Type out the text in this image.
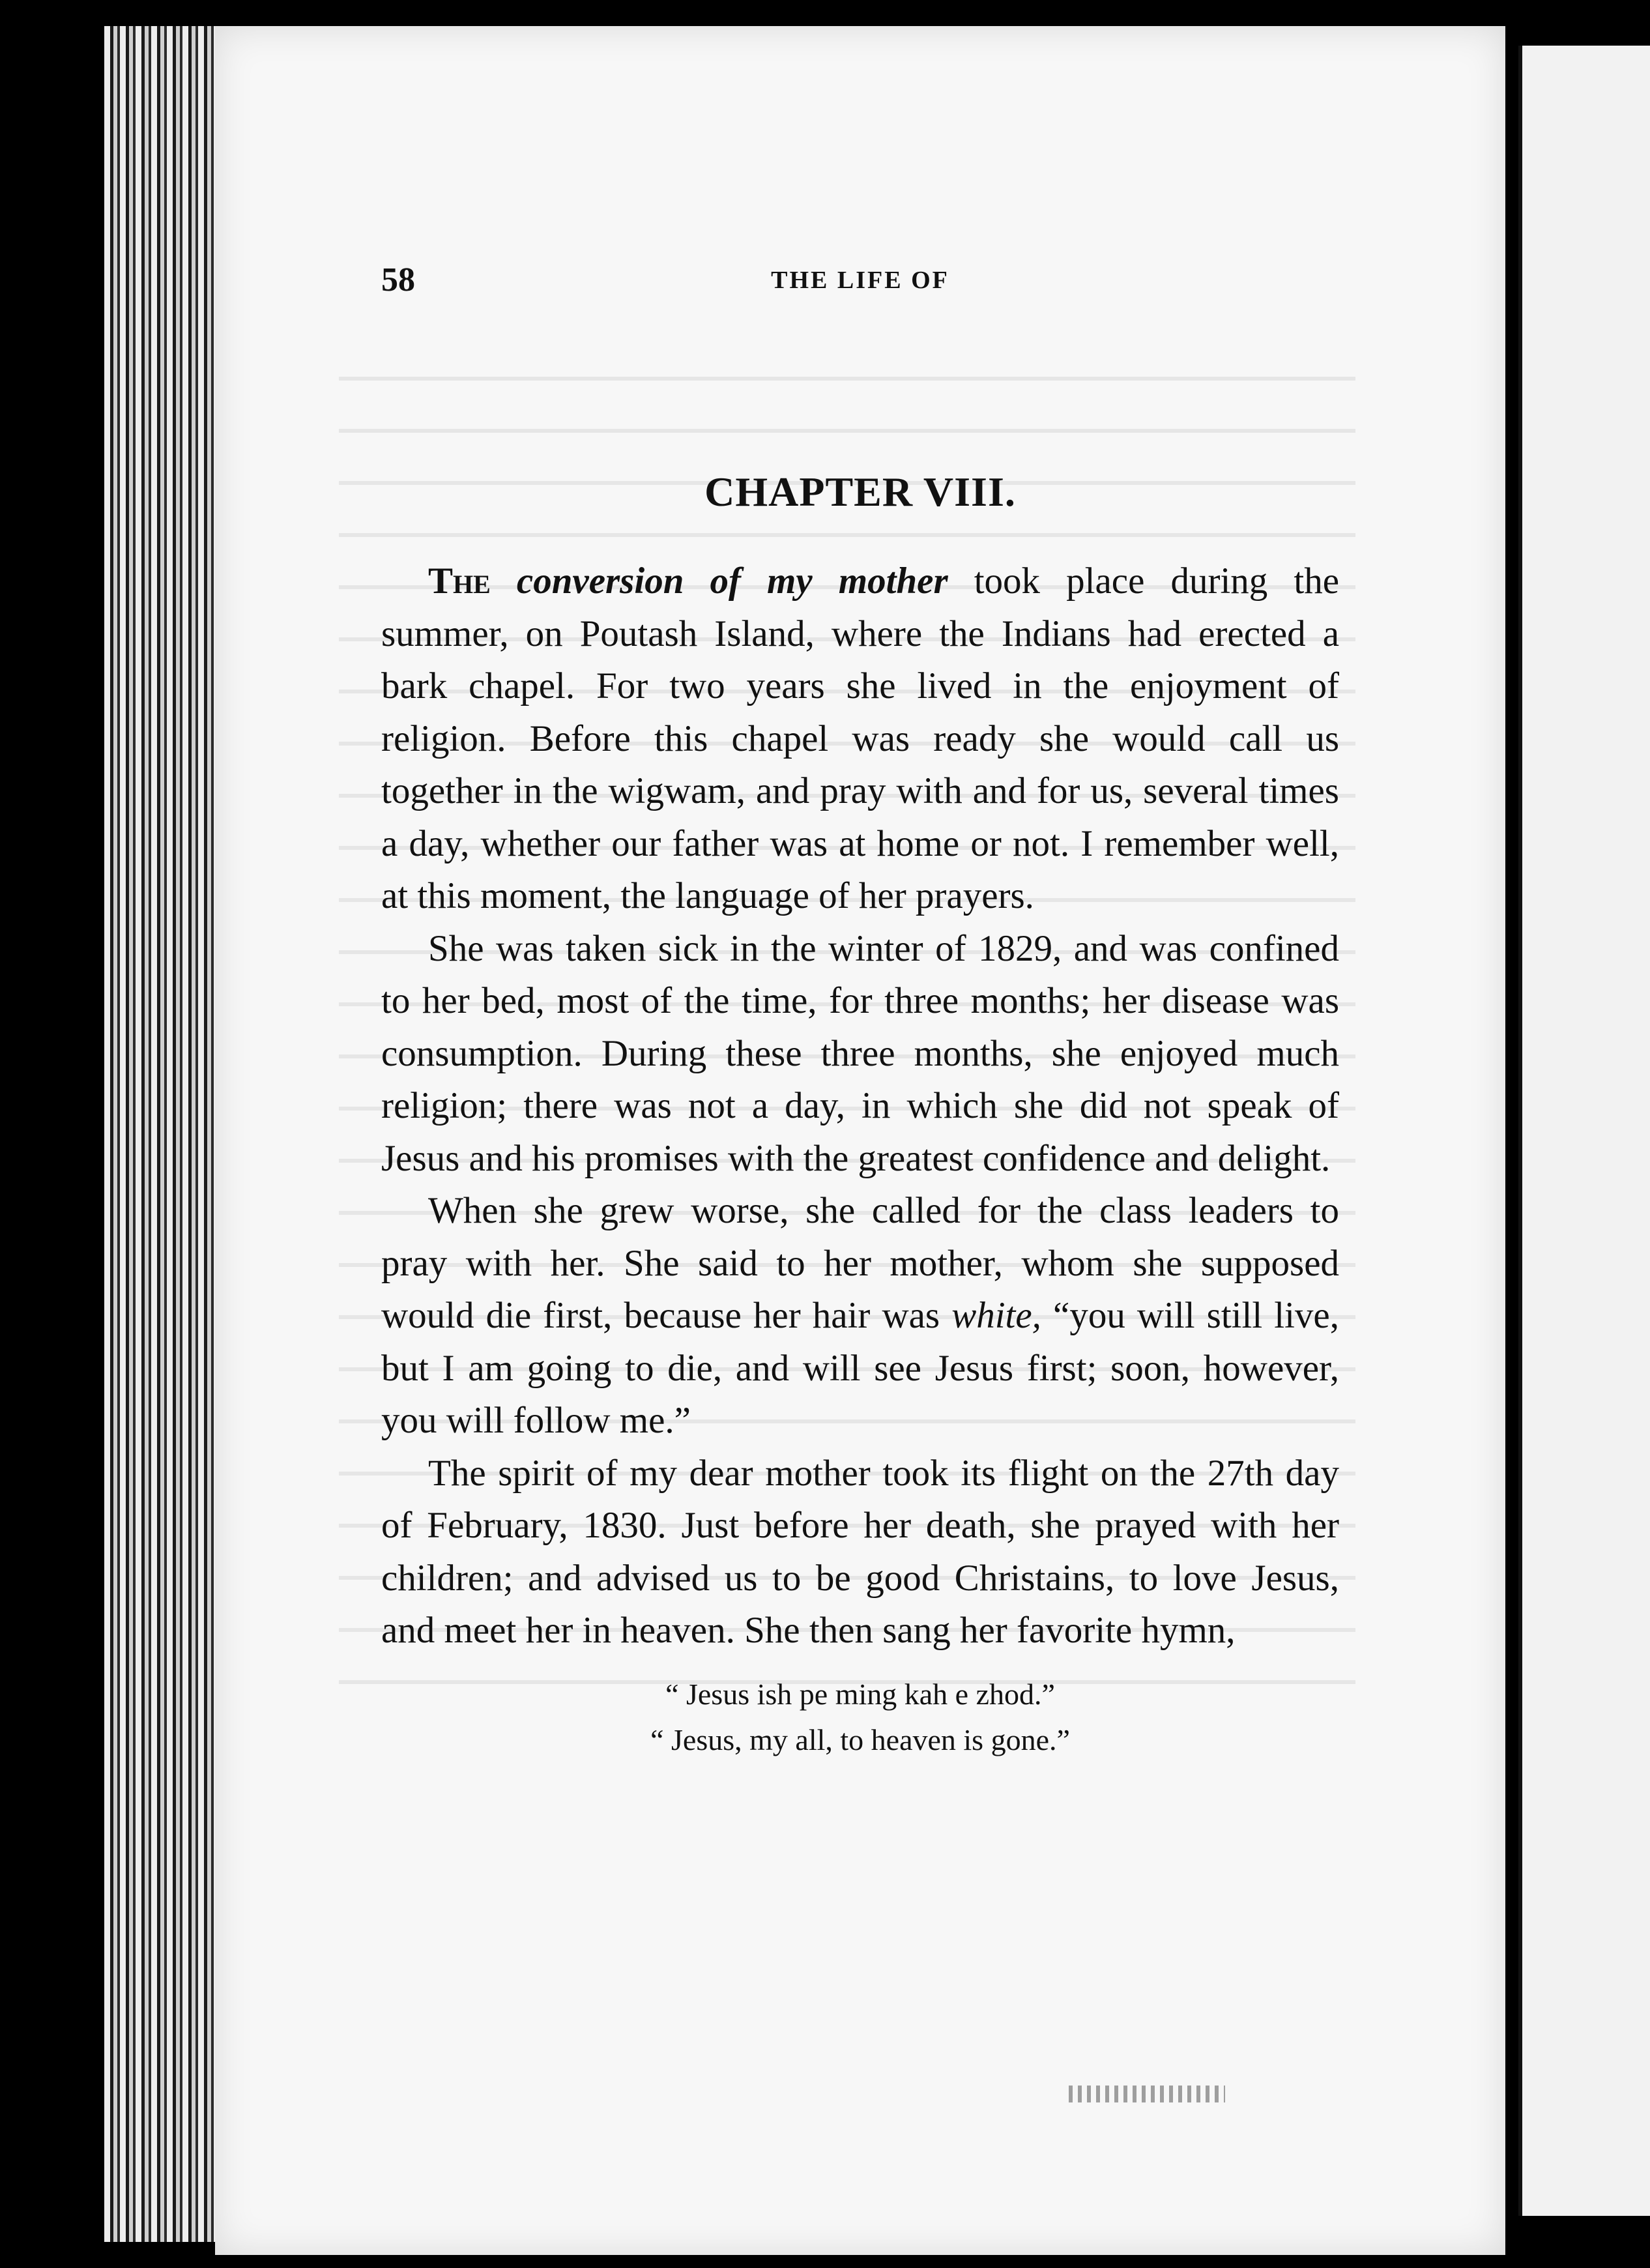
58	THE LIFE OF
CHAPTER VIII.

The conversion of my mother took place during the summer, on Poutash Island, where the Indians had erected a bark chapel. For two years she lived in the enjoyment of religion. Before this chapel was ready she would call us together in the wigwam, and pray with and for us, several times a day, whether our father was at home or not. I remember well, at this moment, the language of her prayers.

She was taken sick in the winter of 1829, and was confined to her bed, most of the time, for three months; her disease was consumption. During these three months, she enjoyed much religion; there was not a day, in which she did not speak of Jesus and his promises with the greatest confidence and delight.

When she grew worse, she called for the class leaders to pray with her. She said to her mother, whom she supposed would die first, because her hair was white, “you will still live, but I am going to die, and will see Jesus first; soon, however, you will follow me.”

The spirit of my dear mother took its flight on the 27th day of February, 1830. Just before her death, she prayed with her children; and advised us to be good Christains, to love Jesus, and meet her in heaven. She then sang her favorite hymn,

“ Jesus ish pe ming kah e zhod.”
“ Jesus, my all, to heaven is gone.”
